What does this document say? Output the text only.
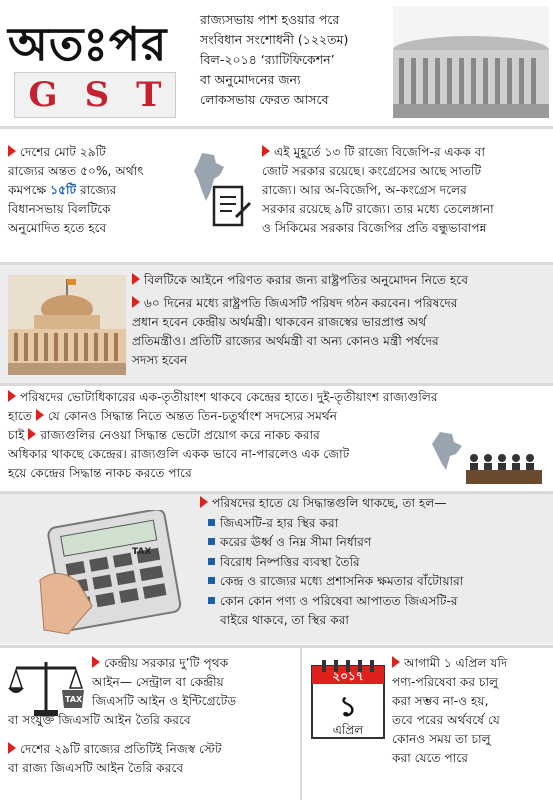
অতঃপর
G S T
রাজ্যসভায় পাশ হওয়ার পরে
সংবিধান সংশোধনী (১২২তম)
বিল-২০১৪ ‘র‍্যাটিফিকেশন’
বা অনুমোদনের জন্য
লোকসভায় ফেরত আসবে
দেশের মোট ২৯টি
রাজ্যের অন্তত ৫০%, অর্থাৎ
কমপক্ষে ১৫টি রাজ্যের
বিধানসভায় বিলটিকে
অনুমোদিত হতে হবে
এই মুহূর্তে ১৩ টি রাজ্যে বিজেপি-র একক বা
জোট সরকার রয়েছে। কংগ্রেসের আছে সাতটি
রাজ্যে। আর অ-বিজেপি, অ-কংগ্রেস দলের
সরকার রয়েছে ৯টি রাজ্যে। তার মধ্যে তেলেঙ্গানা
ও সিকিমের সরকার বিজেপির প্রতি বন্ধুভাবাপন্ন
বিলটিকে আইনে পরিণত করার জন্য রাষ্ট্রপতির অনুমোদন নিতে হবে
৬০ দিনের মধ্যে রাষ্ট্রপতি জিএসটি পরিষদ গঠন করবেন। পরিষদের
প্রধান হবেন কেন্দ্রীয় অর্থমন্ত্রী। থাকবেন রাজস্বের ভারপ্রাপ্ত অর্থ
প্রতিমন্ত্রীও। প্রতিটি রাজ্যের অর্থমন্ত্রী বা অন্য কোনও মন্ত্রী পর্ষদের
সদস্য হবেন
পরিষদের ভোটাধিকারের এক-তৃতীয়াংশ থাকবে কেন্দ্রের হাতে। দুই-তৃতীয়াংশ রাজ্যগুলির
হাতে যে কোনও সিদ্ধান্ত নিতে অন্তত তিন-চতুর্থাংশ সদস্যের সমর্থন
চাই রাজ্যগুলির নেওয়া সিদ্ধান্ত ভেটো প্রয়োগ করে নাকচ করার
অধিকার থাকছে কেন্দ্রের। রাজ্যগুলি একক ভাবে না-পারলেও এক জোট
হয়ে কেন্দ্রের সিদ্ধান্ত নাকচ করতে পারে
TAX
পরিষদের হাতে যে সিদ্ধান্তগুলি থাকছে, তা হল—
জিএসটি-র হার স্থির করা
করের ঊর্ধ্ব ও নিম্ন সীমা নির্ধারণ
বিরোধ নিষ্পত্তির ব্যবস্থা তৈরি
কেন্দ্র ও রাজ্যের মধ্যে প্রশাসনিক ক্ষমতার বাঁটোয়ারা
কোন কোন পণ্য ও পরিষেবা আপাতত জিএসটি-র
বাইরে থাকবে, তা স্থির করা
TAX
কেন্দ্রীয় সরকার দু’টি পৃথক
আইন— সেন্ট্রাল বা কেন্দ্রীয়
জিএসটি আইন ও ইন্টিগ্রেটেড
বা সংযুক্ত জিএসটি আইন তৈরি করবে
দেশের ২৯টি রাজ্যের প্রতিটিই নিজস্ব স্টেট
বা রাজ্য জিএসটি আইন তৈরি করবে
২০১৭
১
এপ্রিল
আগামী ১ এপ্রিল যদি
পণ্য-পরিষেবা কর চালু
করা সম্ভব না-ও হয়,
তবে পরের অর্থবর্ষে যে
কোনও সময় তা চালু
করা যেতে পারে
